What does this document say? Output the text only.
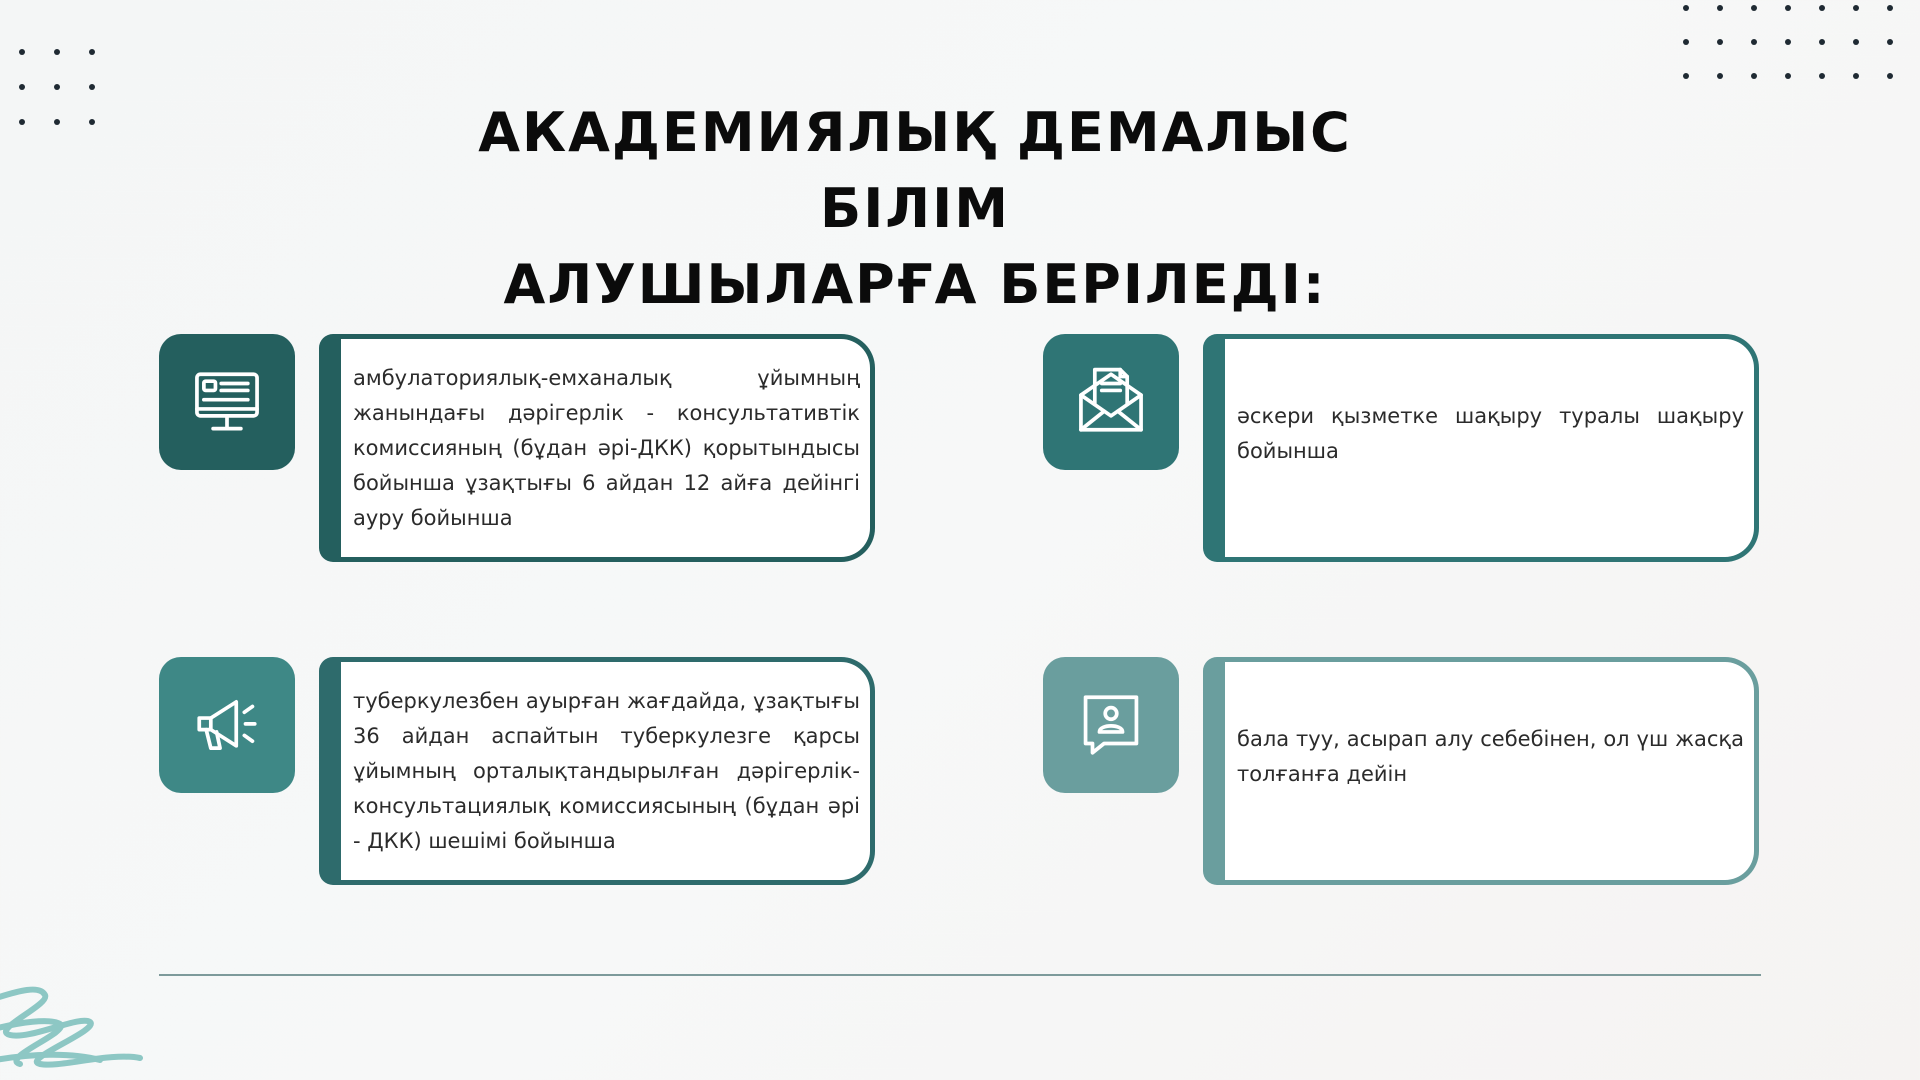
АКАДЕМИЯЛЫҚ ДЕМАЛЫС БІЛІМ
АЛУШЫЛАРҒА БЕРІЛЕДІ:

амбулаториялық-емханалық ұйымның жанындағы дәрігерлік - консультативтік комиссияның (бұдан әрі-ДКК) қорытындысы бойынша ұзақтығы 6 айдан 12 айға дейінгі ауру бойынша

әскери қызметке шақыру туралы шақыру бойынша

туберкулезбен ауырған жағдайда, ұзақтығы 36 айдан аспайтын туберкулезге қарсы ұйымның орталықтандырылған дәрігерлік-консультациялық комиссиясының (бұдан әрі - ДКК) шешімі бойынша

бала туу, асырап алу себебінен, ол үш жасқа толғанға дейін
